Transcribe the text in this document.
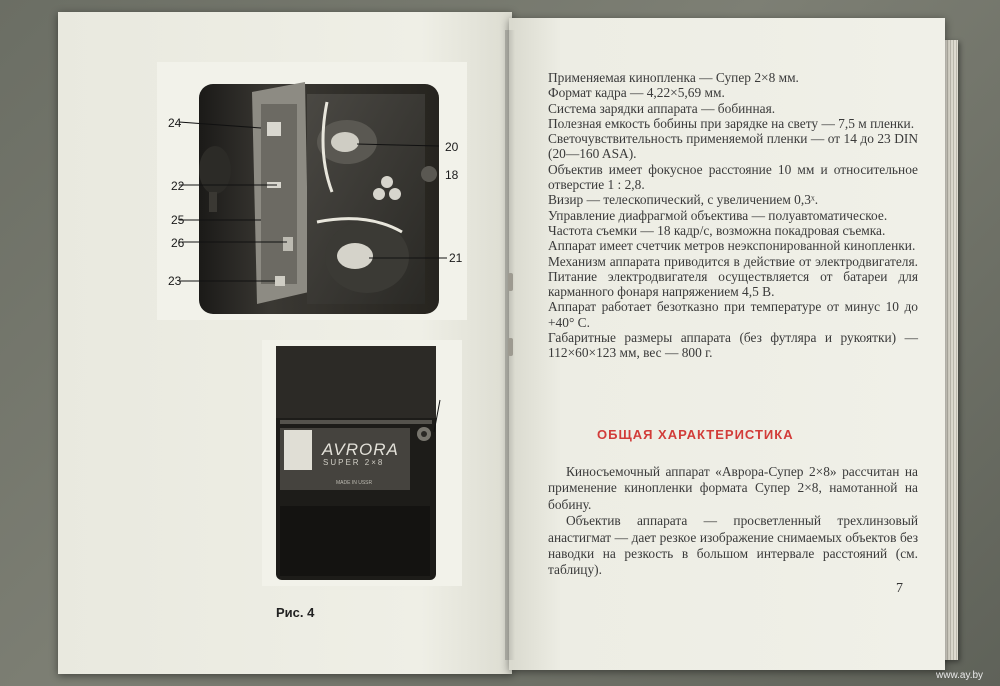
24
22
25
26
23
20
18
21
AVRORA
SUPER 2×8
MADE IN USSR
Рис. 4

Применяемая кинопленка — Супер 2×8 мм.

Формат кадра — 4,22×5,69 мм.

Система зарядки аппарата — бобинная.

Полезная емкость бобины при зарядке на свету — 7,5 м пленки.

Светочувствительность применяемой пленки — от 14 до 23 DIN (20—160 ASA).

Объектив имеет фокусное расстояние 10 мм и относительное отверстие 1 : 2,8.

Визир — телескопический, с увеличением 0,3ˣ.

Управление диафрагмой объектива — полуавтоматическое.

Частота съемки — 18 кадр/с, возможна покадровая съемка.

Аппарат имеет счетчик метров неэкспонированной кинопленки.

Механизм аппарата приводится в действие от электродвигателя. Питание электродвигателя осуществляется от батареи для карманного фонаря напряжением 4,5 В.

Аппарат работает безотказно при температуре от минус 10 до +40° С.

Габаритные размеры аппарата (без футляра и рукоятки) — 112×60×123 мм, вес — 800 г.

ОБЩАЯ ХАРАКТЕРИСТИКА

Киносъемочный аппарат «Аврора-Супер 2×8» рассчитан на применение кинопленки формата Супер 2×8, намотанной на бобину.

Объектив аппарата — просветленный трехлинзовый анастигмат — дает резкое изображение снимаемых объектов без наводки на резкость в большом интервале расстояний (см. таблицу).

7
www.ay.by
